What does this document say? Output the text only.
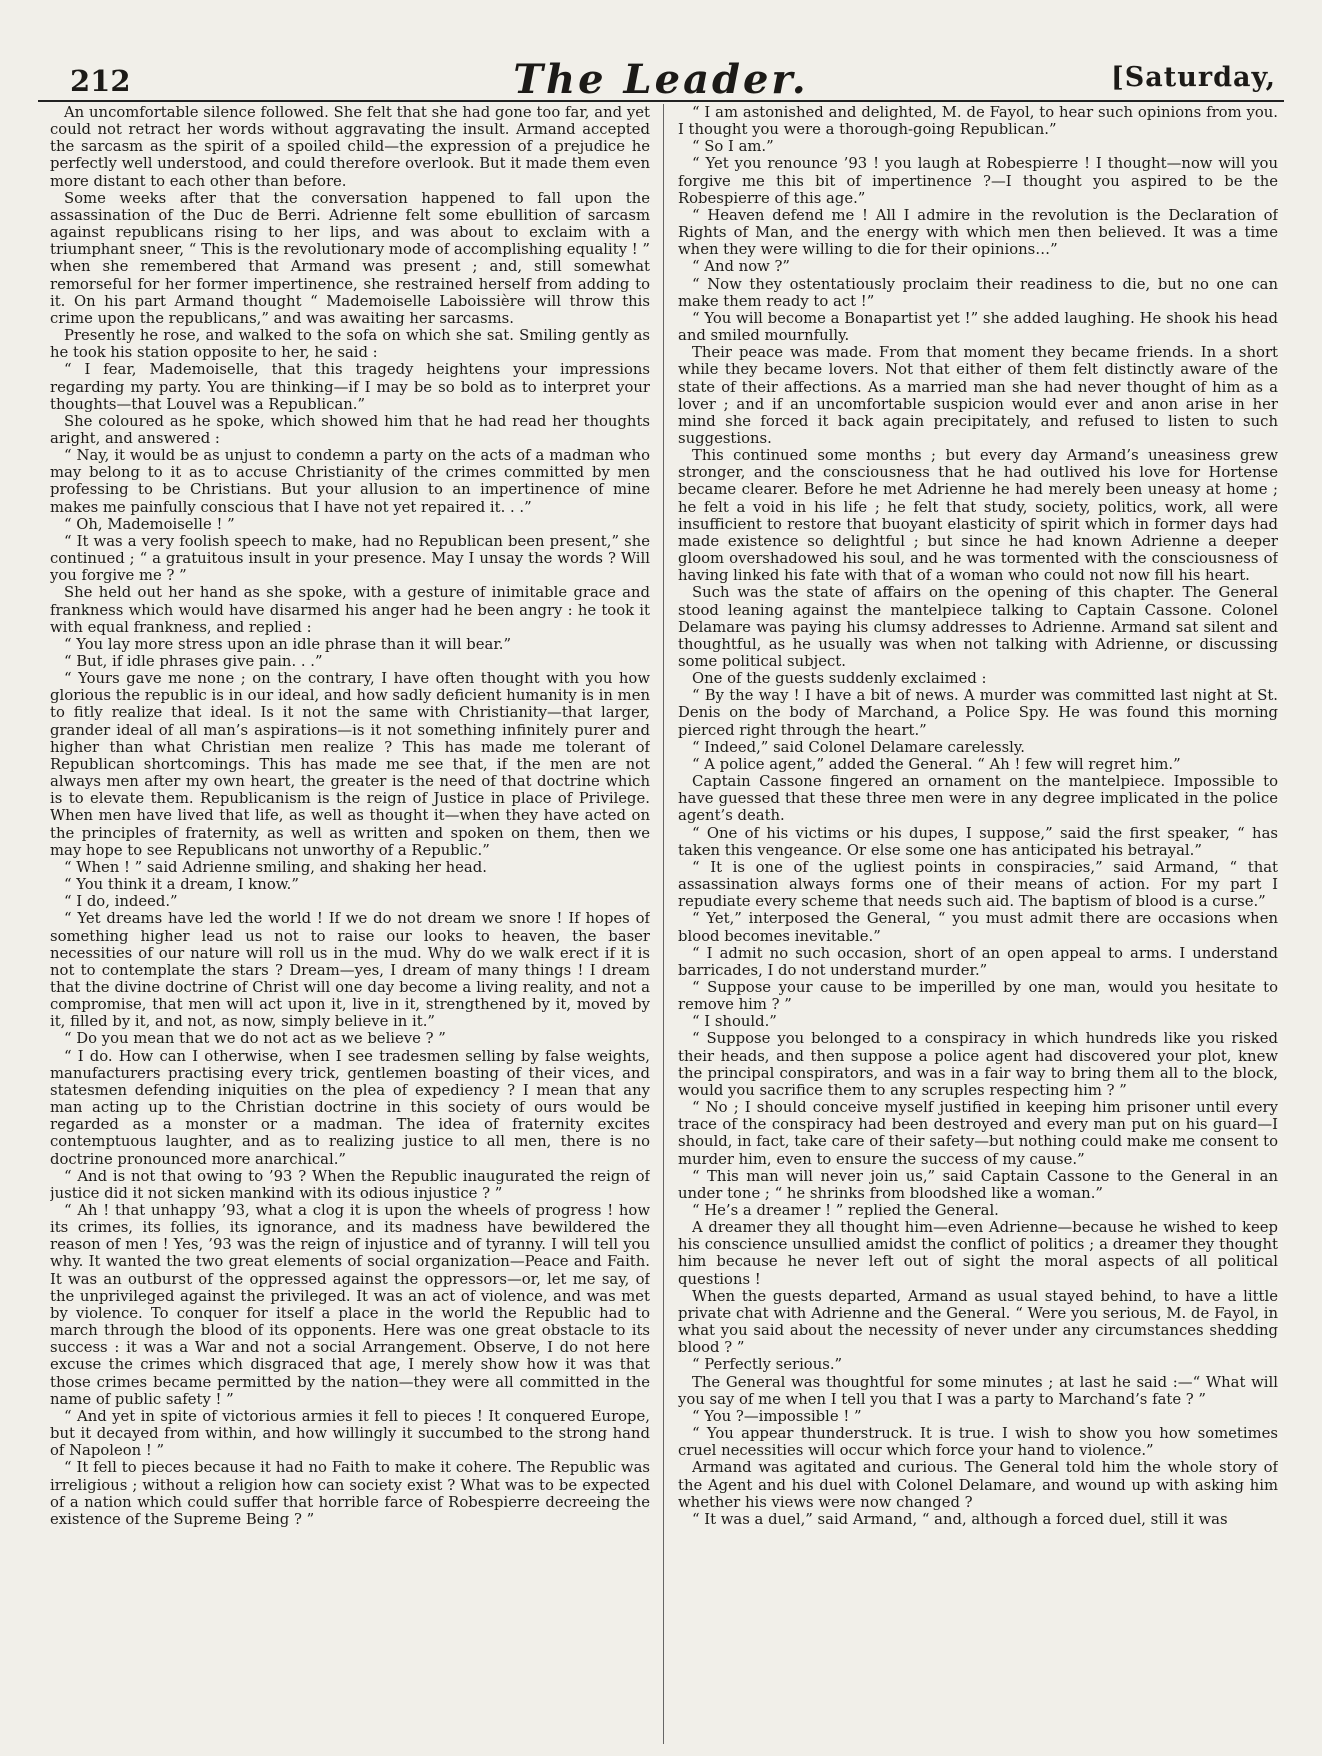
212	The Leader.	[Saturday,

An uncomfortable silence followed. She felt that she had gone too far, and yet could not retract her words without aggravating the insult. Armand accepted the sarcasm as the spirit of a spoiled child—the expression of a prejudice he perfectly well understood, and could therefore overlook. But it made them even more distant to each other than before.

Some weeks after that the conversation happened to fall upon the assassination of the Duc de Berri. Adrienne felt some ebullition of sarcasm against republicans rising to her lips, and was about to exclaim with a triumphant sneer, “ This is the revolutionary mode of accomplishing equality ! ” when she remembered that Armand was present ; and, still somewhat remorseful for her former impertinence, she restrained herself from adding to it. On his part Armand thought “ Mademoiselle Laboissière will throw this crime upon the republicans,” and was awaiting her sarcasms.

Presently he rose, and walked to the sofa on which she sat. Smiling gently as he took his station opposite to her, he said :

“ I fear, Mademoiselle, that this tragedy heightens your impressions regarding my party. You are thinking—if I may be so bold as to interpret your thoughts—that Louvel was a Republican.”

She coloured as he spoke, which showed him that he had read her thoughts aright, and answered :

“ Nay, it would be as unjust to condemn a party on the acts of a madman who may belong to it as to accuse Christianity of the crimes committed by men professing to be Christians. But your allusion to an impertinence of mine makes me painfully conscious that I have not yet repaired it. . .”

“ Oh, Mademoiselle ! ”

“ It was a very foolish speech to make, had no Republican been present,” she continued ; “ a gratuitous insult in your presence. May I unsay the words ? Will you forgive me ? ”

She held out her hand as she spoke, with a gesture of inimitable grace and frankness which would have disarmed his anger had he been angry : he took it with equal frankness, and replied :

“ You lay more stress upon an idle phrase than it will bear.”

“ But, if idle phrases give pain. . .”

“ Yours gave me none ; on the contrary, I have often thought with you how glorious the republic is in our ideal, and how sadly deficient humanity is in men to fitly realize that ideal. Is it not the same with Christianity—that larger, grander ideal of all man’s aspirations—is it not something infinitely purer and higher than what Christian men realize ? This has made me tolerant of Republican shortcomings. This has made me see that, if the men are not always men after my own heart, the greater is the need of that doctrine which is to elevate them. Republicanism is the reign of Justice in place of Privilege. When men have lived that life, as well as thought it—when they have acted on the principles of fraternity, as well as written and spoken on them, then we may hope to see Republicans not unworthy of a Republic.”

“ When ! ” said Adrienne smiling, and shaking her head.

“ You think it a dream, I know.”

“ I do, indeed.”

“ Yet dreams have led the world ! If we do not dream we snore ! If hopes of something higher lead us not to raise our looks to heaven, the baser necessities of our nature will roll us in the mud. Why do we walk erect if it is not to contemplate the stars ? Dream—yes, I dream of many things ! I dream that the divine doctrine of Christ will one day become a living reality, and not a compromise, that men will act upon it, live in it, strengthened by it, moved by it, filled by it, and not, as now, simply believe in it.”

“ Do you mean that we do not act as we believe ? ”

“ I do. How can I otherwise, when I see tradesmen selling by false weights, manufacturers practising every trick, gentlemen boasting of their vices, and statesmen defending iniquities on the plea of expediency ? I mean that any man acting up to the Christian doctrine in this society of ours would be regarded as a monster or a madman. The idea of fraternity excites contemptuous laughter, and as to realizing justice to all men, there is no doctrine pronounced more anarchical.”

“ And is not that owing to ’93 ? When the Republic inaugurated the reign of justice did it not sicken mankind with its odious injustice ? ”

“ Ah ! that unhappy ’93, what a clog it is upon the wheels of progress ! how its crimes, its follies, its ignorance, and its madness have bewildered the reason of men ! Yes, ’93 was the reign of injustice and of tyranny. I will tell you why. It wanted the two great elements of social organization—Peace and Faith. It was an outburst of the oppressed against the oppressors—or, let me say, of the unprivileged against the privileged. It was an act of violence, and was met by violence. To conquer for itself a place in the world the Republic had to march through the blood of its opponents. Here was one great obstacle to its success : it was a War and not a social Arrangement. Observe, I do not here excuse the crimes which disgraced that age, I merely show how it was that those crimes became permitted by the nation—they were all committed in the name of public safety ! ”

“ And yet in spite of victorious armies it fell to pieces ! It conquered Europe, but it decayed from within, and how willingly it succumbed to the strong hand of Napoleon ! ”

“ It fell to pieces because it had no Faith to make it cohere. The Republic was irreligious ; without a religion how can society exist ? What was to be expected of a nation which could suffer that horrible farce of Robespierre decreeing the existence of the Supreme Being ? ”

“ I am astonished and delighted, M. de Fayol, to hear such opinions from you. I thought you were a thorough-going Republican.”

“ So I am.”

“ Yet you renounce ’93 ! you laugh at Robespierre ! I thought—now will you forgive me this bit of impertinence ?—I thought you aspired to be the Robespierre of this age.”

“ Heaven defend me ! All I admire in the revolution is the Declaration of Rights of Man, and the energy with which men then believed. It was a time when they were willing to die for their opinions…”

“ And now ?”

“ Now they ostentatiously proclaim their readiness to die, but no one can make them ready to act !”

“ You will become a Bonapartist yet !” she added laughing. He shook his head and smiled mournfully.

Their peace was made. From that moment they became friends. In a short while they became lovers. Not that either of them felt distinctly aware of the state of their affections. As a married man she had never thought of him as a lover ; and if an uncomfortable suspicion would ever and anon arise in her mind she forced it back again precipitately, and refused to listen to such suggestions.

This continued some months ; but every day Armand’s uneasiness grew stronger, and the consciousness that he had outlived his love for Hortense became clearer. Before he met Adrienne he had merely been uneasy at home ; he felt a void in his life ; he felt that study, society, politics, work, all were insufficient to restore that buoyant elasticity of spirit which in former days had made existence so delightful ; but since he had known Adrienne a deeper gloom overshadowed his soul, and he was tormented with the consciousness of having linked his fate with that of a woman who could not now fill his heart.

Such was the state of affairs on the opening of this chapter. The General stood leaning against the mantelpiece talking to Captain Cassone. Colonel Delamare was paying his clumsy addresses to Adrienne. Armand sat silent and thoughtful, as he usually was when not talking with Adrienne, or discussing some political subject.

One of the guests suddenly exclaimed :

“ By the way ! I have a bit of news. A murder was committed last night at St. Denis on the body of Marchand, a Police Spy. He was found this morning pierced right through the heart.”

“ Indeed,” said Colonel Delamare carelessly.

“ A police agent,” added the General. “ Ah ! few will regret him.”

Captain Cassone fingered an ornament on the mantelpiece. Impossible to have guessed that these three men were in any degree implicated in the police agent’s death.

“ One of his victims or his dupes, I suppose,” said the first speaker, “ has taken this vengeance. Or else some one has anticipated his betrayal.”

“ It is one of the ugliest points in conspiracies,” said Armand, “ that assassination always forms one of their means of action. For my part I repudiate every scheme that needs such aid. The baptism of blood is a curse.”

“ Yet,” interposed the General, “ you must admit there are occasions when blood becomes inevitable.”

“ I admit no such occasion, short of an open appeal to arms. I understand barricades, I do not understand murder.”

“ Suppose your cause to be imperilled by one man, would you hesitate to remove him ? ”

“ I should.”

“ Suppose you belonged to a conspiracy in which hundreds like you risked their heads, and then suppose a police agent had discovered your plot, knew the principal conspirators, and was in a fair way to bring them all to the block, would you sacrifice them to any scruples respecting him ? ”

“ No ; I should conceive myself justified in keeping him prisoner until every trace of the conspiracy had been destroyed and every man put on his guard—I should, in fact, take care of their safety—but nothing could make me consent to murder him, even to ensure the success of my cause.”

“ This man will never join us,” said Captain Cassone to the General in an under tone ; “ he shrinks from bloodshed like a woman.”

“ He’s a dreamer ! ” replied the General.

A dreamer they all thought him—even Adrienne—because he wished to keep his conscience unsullied amidst the conflict of politics ; a dreamer they thought him because he never left out of sight the moral aspects of all political questions !

When the guests departed, Armand as usual stayed behind, to have a little private chat with Adrienne and the General. “ Were you serious, M. de Fayol, in what you said about the necessity of never under any circumstances shedding blood ? ”

“ Perfectly serious.”

The General was thoughtful for some minutes ; at last he said :—“ What will you say of me when I tell you that I was a party to Marchand’s fate ? ”

“ You ?—impossible ! ”

“ You appear thunderstruck. It is true. I wish to show you how sometimes cruel necessities will occur which force your hand to violence.”

Armand was agitated and curious. The General told him the whole story of the Agent and his duel with Colonel Delamare, and wound up with asking him whether his views were now changed ?

“ It was a duel,” said Armand, “ and, although a forced duel, still it was
